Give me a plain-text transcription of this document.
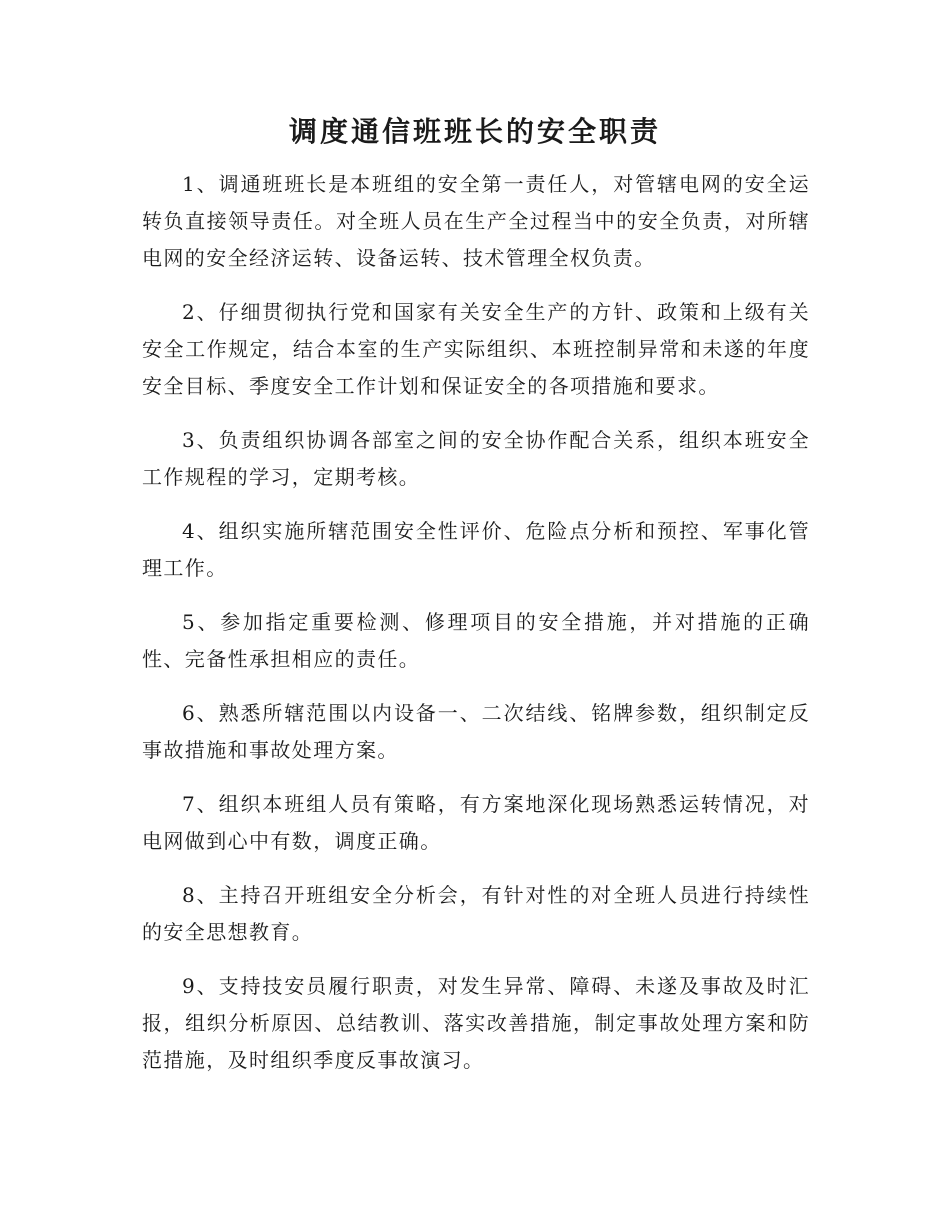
调度通信班班长的安全职责

1、调通班班长是本班组的安全第一责任人，对管辖电网的安全运转负直接领导责任。对全班人员在生产全过程当中的安全负责，对所辖电网的安全经济运转、设备运转、技术管理全权负责。

2、仔细贯彻执行党和国家有关安全生产的方针、政策和上级有关安全工作规定，结合本室的生产实际组织、本班控制异常和未遂的年度安全目标、季度安全工作计划和保证安全的各项措施和要求。

3、负责组织协调各部室之间的安全协作配合关系，组织本班安全工作规程的学习，定期考核。

4、组织实施所辖范围安全性评价、危险点分析和预控、军事化管理工作。

5、参加指定重要检测、修理项目的安全措施，并对措施的正确性、完备性承担相应的责任。

6、熟悉所辖范围以内设备一、二次结线、铭牌参数，组织制定反事故措施和事故处理方案。

7、组织本班组人员有策略，有方案地深化现场熟悉运转情况，对电网做到心中有数，调度正确。

8、主持召开班组安全分析会，有针对性的对全班人员进行持续性的安全思想教育。

9、支持技安员履行职责，对发生异常、障碍、未遂及事故及时汇报，组织分析原因、总结教训、落实改善措施，制定事故处理方案和防范措施，及时组织季度反事故演习。
